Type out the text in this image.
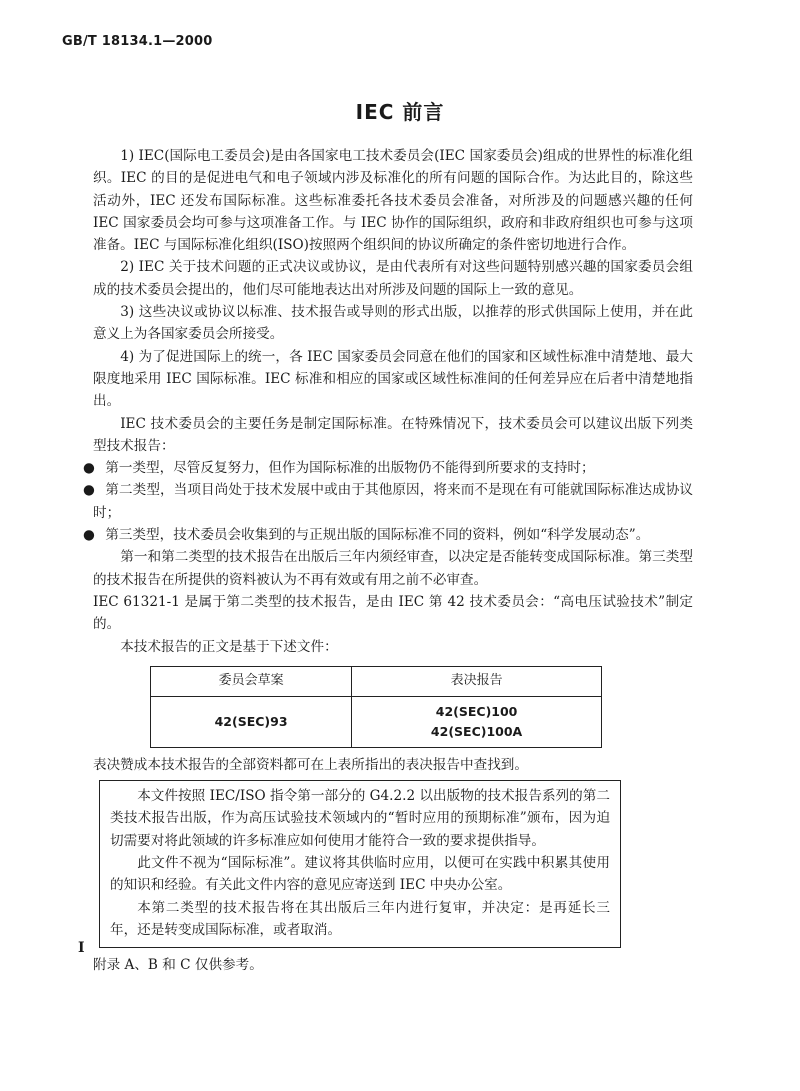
GB/T 18134.1—2000
IEC 前言

1) IEC(国际电工委员会)是由各国家电工技术委员会(IEC 国家委员会)组成的世界性的标准化组织。IEC 的目的是促进电气和电子领域内涉及标准化的所有问题的国际合作。为达此目的，除这些活动外，IEC 还发布国际标准。这些标准委托各技术委员会准备，对所涉及的问题感兴趣的任何 IEC 国家委员会均可参与这项准备工作。与 IEC 协作的国际组织，政府和非政府组织也可参与这项准备。IEC 与国际标准化组织(ISO)按照两个组织间的协议所确定的条件密切地进行合作。

2) IEC 关于技术问题的正式决议或协议，是由代表所有对这些问题特别感兴趣的国家委员会组成的技术委员会提出的，他们尽可能地表达出对所涉及问题的国际上一致的意见。

3) 这些决议或协议以标准、技术报告或导则的形式出版，以推荐的形式供国际上使用，并在此意义上为各国家委员会所接受。

4) 为了促进国际上的统一，各 IEC 国家委员会同意在他们的国家和区域性标准中清楚地、最大限度地采用 IEC 国际标准。IEC 标准和相应的国家或区域性标准间的任何差异应在后者中清楚地指出。

IEC 技术委员会的主要任务是制定国际标准。在特殊情况下，技术委员会可以建议出版下列类型技术报告：

● 第一类型，尽管反复努力，但作为国际标准的出版物仍不能得到所要求的支持时；

● 第二类型，当项目尚处于技术发展中或由于其他原因，将来而不是现在有可能就国际标准达成协议时；

● 第三类型，技术委员会收集到的与正规出版的国际标准不同的资料，例如“科学发展动态”。

第一和第二类型的技术报告在出版后三年内须经审查，以决定是否能转变成国际标准。第三类型的技术报告在所提供的资料被认为不再有效或有用之前不必审查。

IEC 61321-1 是属于第二类型的技术报告，是由 IEC 第 42 技术委员会：“高电压试验技术”制定的。

本技术报告的正文是基于下述文件：

委员会草案	表决报告
42(SEC)93	42(SEC)100
42(SEC)100A

表决赞成本技术报告的全部资料都可在上表所指出的表决报告中查找到。

本文件按照 IEC/ISO 指令第一部分的 G4.2.2 以出版物的技术报告系列的第二类技术报告出版，作为高压试验技术领域内的“暂时应用的预期标准”颁布，因为迫切需要对将此领域的许多标准应如何使用才能符合一致的要求提供指导。

此文件不视为“国际标准”。建议将其供临时应用，以便可在实践中积累其使用的知识和经验。有关此文件内容的意见应寄送到 IEC 中央办公室。

本第二类型的技术报告将在其出版后三年内进行复审，并决定：是再延长三年，还是转变成国际标准，或者取消。

附录 A、B 和 C 仅供参考。

I
